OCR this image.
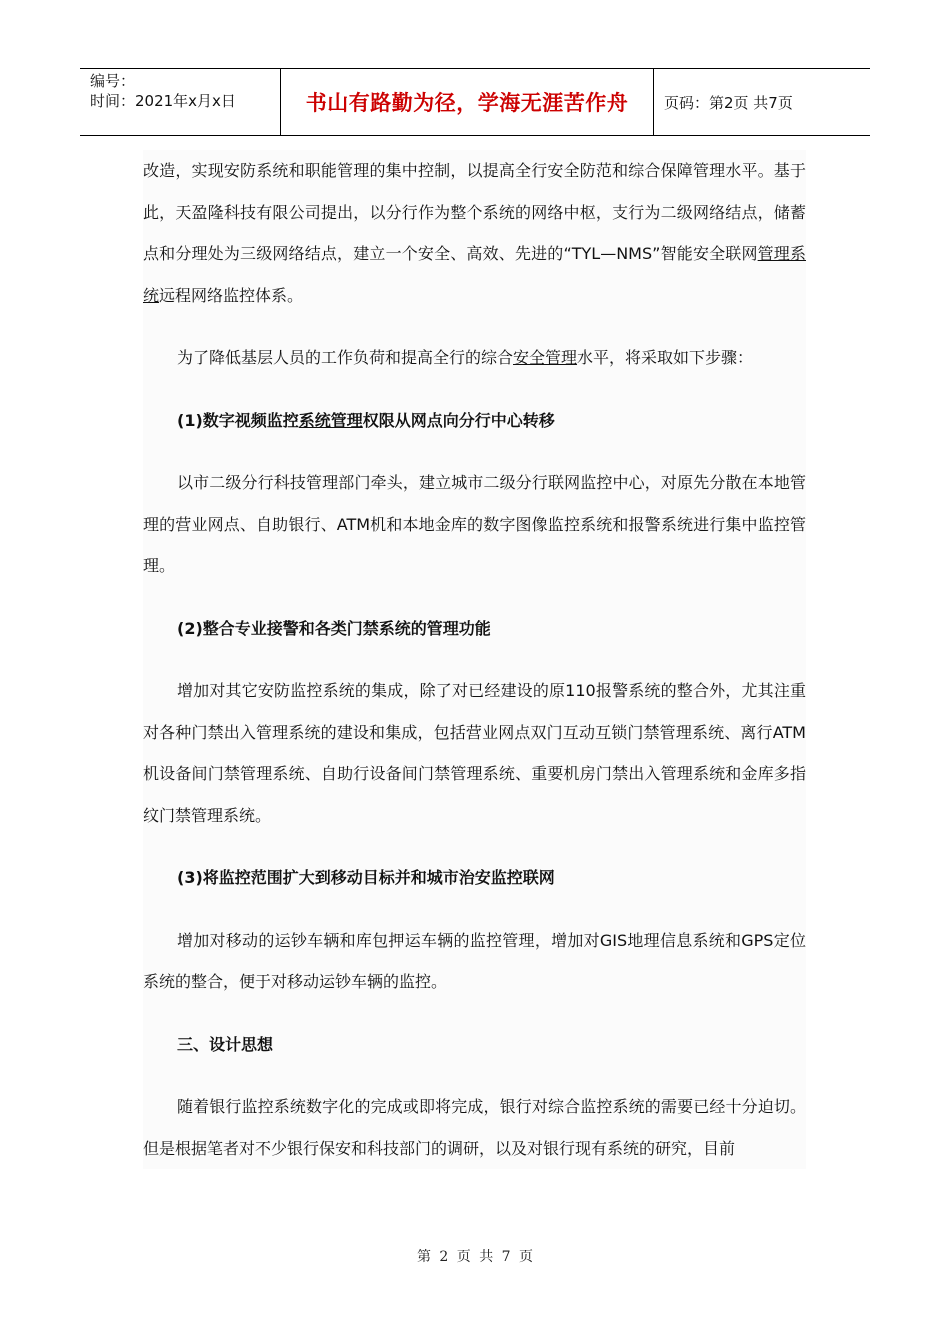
编号：
时间：2021年x月x日	书山有路勤为径，学海无涯苦作舟 页码：第2页 共7页

改造，实现安防系统和职能管理的集中控制，以提高全行安全防范和综合保障管理水平。基于此，天盈隆科技有限公司提出，以分行作为整个系统的网络中枢，支行为二级网络结点，储蓄点和分理处为三级网络结点，建立一个安全、高效、先进的“TYL—NMS”智能安全联网管理系统远程网络监控体系。

为了降低基层人员的工作负荷和提高全行的综合安全管理水平，将采取如下步骤：

(1)数字视频监控系统管理权限从网点向分行中心转移

以市二级分行科技管理部门牵头，建立城市二级分行联网监控中心，对原先分散在本地管理的营业网点、自助银行、ATM机和本地金库的数字图像监控系统和报警系统进行集中监控管理。

(2)整合专业接警和各类门禁系统的管理功能

增加对其它安防监控系统的集成，除了对已经建设的原110报警系统的整合外，尤其注重对各种门禁出入管理系统的建设和集成，包括营业网点双门互动互锁门禁管理系统、离行ATM机设备间门禁管理系统、自助行设备间门禁管理系统、重要机房门禁出入管理系统和金库多指纹门禁管理系统。

(3)将监控范围扩大到移动目标并和城市治安监控联网

增加对移动的运钞车辆和库包押运车辆的监控管理，增加对GIS地理信息系统和GPS定位系统的整合，便于对移动运钞车辆的监控。

三、设计思想

随着银行监控系统数字化的完成或即将完成，银行对综合监控系统的需要已经十分迫切。但是根据笔者对不少银行保安和科技部门的调研，以及对银行现有系统的研究，目前

第 2 页 共 7 页
